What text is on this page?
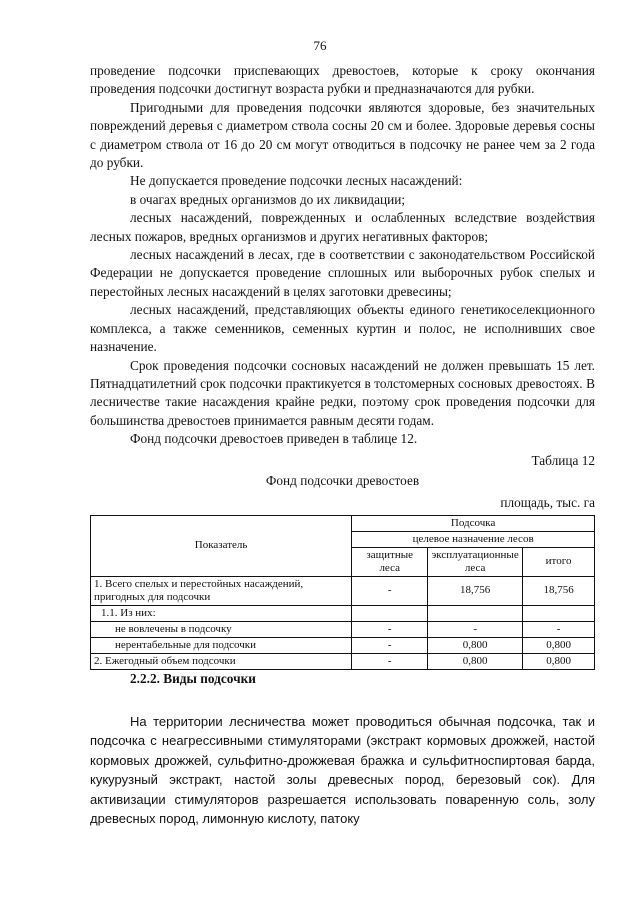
76

проведение подсочки приспевающих древостоев, которые к сроку окончания проведения подсочки достигнут возраста рубки и предназначаются для рубки.

Пригодными для проведения подсочки являются здоровые, без значительных повреждений деревья с диаметром ствола сосны 20 см и более. Здоровые деревья сосны с диаметром ствола от 16 до 20 см могут отводиться в подсочку не ранее чем за 2 года до рубки.

Не допускается проведение подсочки лесных насаждений:

в очагах вредных организмов до их ликвидации;

лесных насаждений, поврежденных и ослабленных вследствие воздействия лесных пожаров, вредных организмов и других негативных факторов;

лесных насаждений в лесах, где в соответствии с законодательством Российской Федерации не допускается проведение сплошных или выборочных рубок спелых и перестойных лесных насаждений в целях заготовки древесины;

лесных насаждений, представляющих объекты единого генетикоселекционного комплекса, а также семенников, семенных куртин и полос, не исполнивших свое назначение.

Срок проведения подсочки сосновых насаждений не должен превышать 15 лет. Пятнадцатилетний срок подсочки практикуется в толстомерных сосновых древостоях. В лесничестве такие насаждения крайне редки, поэтому срок проведения подсочки для большинства древостоев принимается равным десяти годам.

Фонд подсочки древостоев приведен в таблице 12.

Таблица 12

Фонд подсочки древостоев

площадь, тыс. га

Показатель	Подсочка		
	целевое назначение лесов		
	защитные леса	эксплуатационные леса	итого
1. Всего спелых и перестойных насаждений, пригодных для подсочки	-	18,756	18,756
1.1. Из них:			
не вовлечены в подсочку	-	-	-
нерентабельные для подсочки	-	0,800	0,800
2. Ежегодный объем подсочки	-	0,800	0,800

2.2.2. Виды подсочки

На территории лесничества может проводиться обычная подсочка, так и подсочка с неагрессивными стимуляторами (экстракт кормовых дрожжей, настой кормовых дрожжей, сульфитно-дрожжевая бражка и сульфитноспиртовая барда, кукурузный экстракт, настой золы древесных пород, березовый сок). Для активизации стимуляторов разрешается использовать поваренную соль, золу древесных пород, лимонную кислоту, патоку
